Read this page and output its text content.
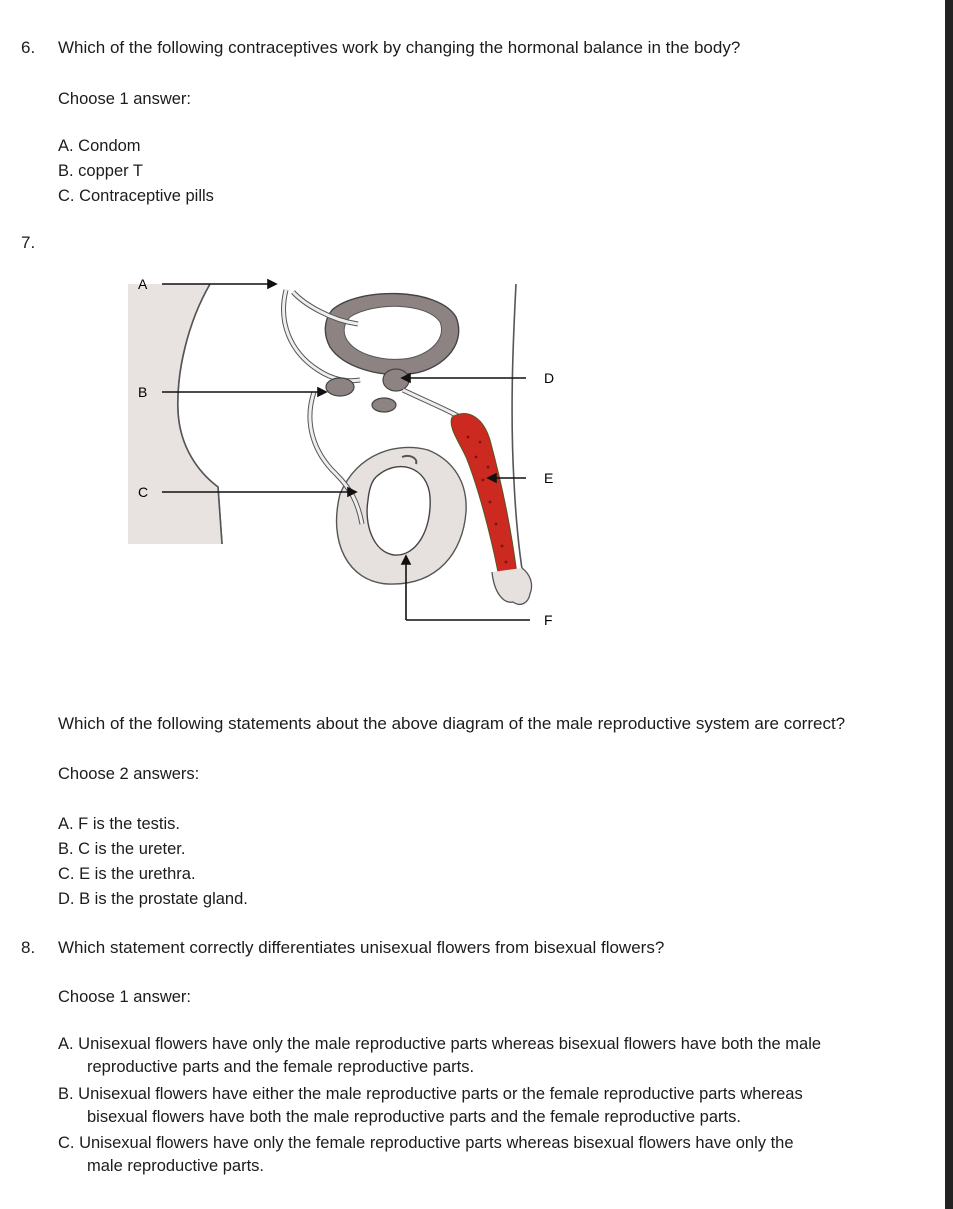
6. Which of the following contraceptives work by changing the hormonal balance in the body?
Choose 1 answer:
A. Condom
B. copper T
C. Contraceptive pills
7.
A
B
C
D
E
F
Which of the following statements about the above diagram of the male reproductive system are correct?
Choose 2 answers:
A. F is the testis.
B. C is the ureter.
C. E is the urethra.
D. B is the prostate gland.
8. Which statement correctly differentiates unisexual flowers from bisexual flowers?
Choose 1 answer:
A. Unisexual flowers have only the male reproductive parts whereas bisexual flowers have both the male
reproductive parts and the female reproductive parts.
B. Unisexual flowers have either the male reproductive parts or the female reproductive parts whereas
bisexual flowers have both the male reproductive parts and the female reproductive parts.
C. Unisexual flowers have only the female reproductive parts whereas bisexual flowers have only the
male reproductive parts.
